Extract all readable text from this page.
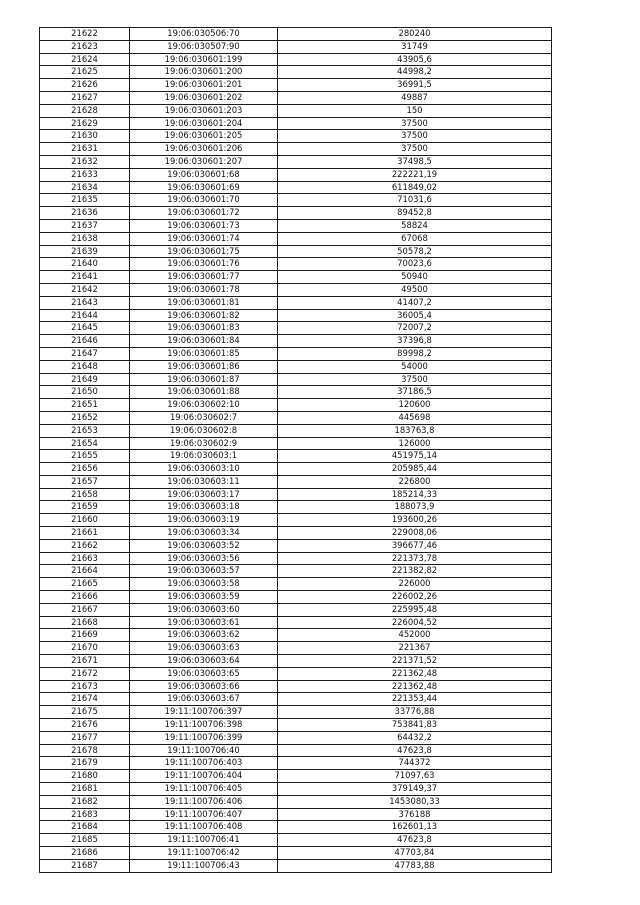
21622	19:06:030506:70	280240
21623	19:06:030507:90	31749
21624	19:06:030601:199	43905,6
21625	19:06:030601:200	44998,2
21626	19:06:030601:201	36991,5
21627	19:06:030601:202	49887
21628	19:06:030601:203	150
21629	19:06:030601:204	37500
21630	19:06:030601:205	37500
21631	19:06:030601:206	37500
21632	19:06:030601:207	37498,5
21633	19:06:030601:68	222221,19
21634	19:06:030601:69	611849,02
21635	19:06:030601:70	71031,6
21636	19:06:030601:72	89452,8
21637	19:06:030601:73	58824
21638	19:06:030601:74	67068
21639	19:06:030601:75	50578,2
21640	19:06:030601:76	70023,6
21641	19:06:030601:77	50940
21642	19:06:030601:78	49500
21643	19:06:030601:81	41407,2
21644	19:06:030601:82	36005,4
21645	19:06:030601:83	72007,2
21646	19:06:030601:84	37396,8
21647	19:06:030601:85	89998,2
21648	19:06:030601:86	54000
21649	19:06:030601:87	37500
21650	19:06:030601:88	37186,5
21651	19:06:030602:10	120600
21652	19:06:030602:7	445698
21653	19:06:030602:8	183763,8
21654	19:06:030602:9	126000
21655	19:06:030603:1	451975,14
21656	19:06:030603:10	205985,44
21657	19:06:030603:11	226800
21658	19:06:030603:17	185214,33
21659	19:06:030603:18	188073,9
21660	19:06:030603:19	193600,26
21661	19:06:030603:34	229008,06
21662	19:06:030603:52	396677,46
21663	19:06:030603:56	221373,78
21664	19:06:030603:57	221382,82
21665	19:06:030603:58	226000
21666	19:06:030603:59	226002,26
21667	19:06:030603:60	225995,48
21668	19:06:030603:61	226004,52
21669	19:06:030603:62	452000
21670	19:06:030603:63	221367
21671	19:06:030603:64	221371,52
21672	19:06:030603:65	221362,48
21673	19:06:030603:66	221362,48
21674	19:06:030603:67	221353,44
21675	19:11:100706:397	33776,88
21676	19:11:100706:398	753841,83
21677	19:11:100706:399	64432,2
21678	19:11:100706:40	47623,8
21679	19:11:100706:403	744372
21680	19:11:100706:404	71097,63
21681	19:11:100706:405	379149,37
21682	19:11:100706:406	1453080,33
21683	19:11:100706:407	376188
21684	19:11:100706:408	162601,13
21685	19:11:100706:41	47623,8
21686	19:11:100706:42	47703,84
21687	19:11:100706:43	47783,88
